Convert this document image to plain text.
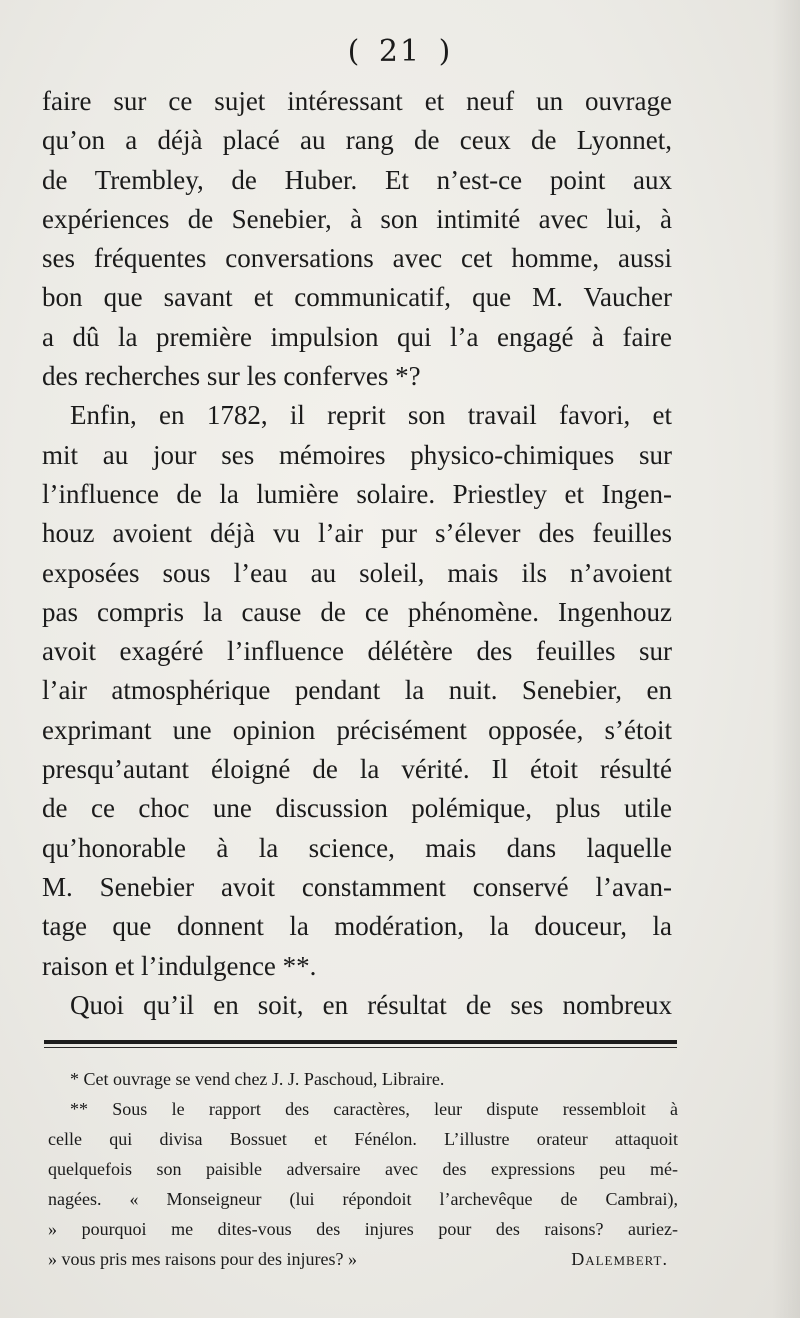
( 21 )
faire sur ce sujet intéressant et neuf un ouvrage
qu’on a déjà placé au rang de ceux de Lyonnet,
de Trembley, de Huber. Et n’est-ce point aux
expériences de Senebier, à son intimité avec lui, à
ses fréquentes conversations avec cet homme, aussi
bon que savant et communicatif, que M. Vaucher
a dû la première impulsion qui l’a engagé à faire
des recherches sur les conferves *?
Enfin, en 1782, il reprit son travail favori, et
mit au jour ses mémoires physico-chimiques sur
l’influence de la lumière solaire. Priestley et Ingen-
houz avoient déjà vu l’air pur s’élever des feuilles
exposées sous l’eau au soleil, mais ils n’avoient
pas compris la cause de ce phénomène. Ingenhouz
avoit exagéré l’influence délétère des feuilles sur
l’air atmosphérique pendant la nuit. Senebier, en
exprimant une opinion précisément opposée, s’étoit
presqu’autant éloigné de la vérité. Il étoit résulté
de ce choc une discussion polémique, plus utile
qu’honorable à la science, mais dans laquelle
M. Senebier avoit constamment conservé l’avan-
tage que donnent la modération, la douceur, la
raison et l’indulgence **.
Quoi qu’il en soit, en résultat de ses nombreux
* Cet ouvrage se vend chez J. J. Paschoud, Libraire.
** Sous le rapport des caractères, leur dispute ressembloit à
celle qui divisa Bossuet et Fénélon. L’illustre orateur attaquoit
quelquefois son paisible adversaire avec des expressions peu mé-
nagées. « Monseigneur (lui répondoit l’archevêque de Cambrai),
» pourquoi me dites-vous des injures pour des raisons? auriez-
» vous pris mes raisons pour des injures? »	Dalembert.
